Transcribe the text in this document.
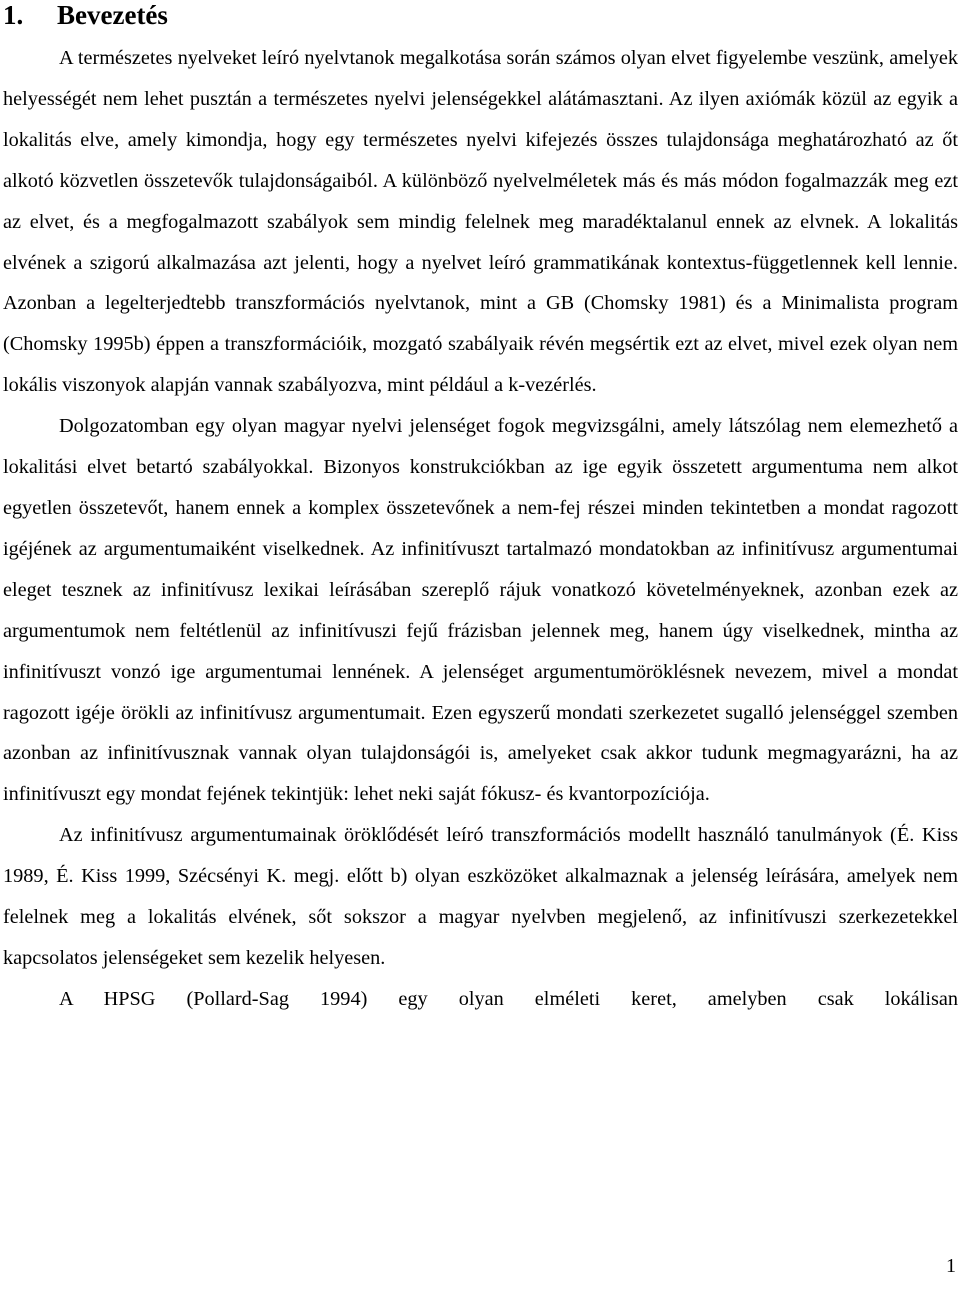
1. Bevezetés

A természetes nyelveket leíró nyelvtanok megalkotása során számos olyan elvet figyelembe veszünk, amelyek helyességét nem lehet pusztán a természetes nyelvi jelenségekkel alátámasztani. Az ilyen axiómák közül az egyik a lokalitás elve, amely kimondja, hogy egy természetes nyelvi kifejezés összes tulajdonsága meghatározható az őt alkotó közvetlen összetevők tulajdonságaiból. A különböző nyelvelméletek más és más módon fogalmazzák meg ezt az elvet, és a megfogalmazott szabályok sem mindig felelnek meg maradéktalanul ennek az elvnek. A lokalitás elvének a szigorú alkalmazása azt jelenti, hogy a nyelvet leíró grammatikának kontextus-függetlennek kell lennie. Azonban a legelterjedtebb transzformációs nyelvtanok, mint a GB (Chomsky 1981) és a Minimalista program (Chomsky 1995b) éppen a transzformációik, mozgató szabályaik révén megsértik ezt az elvet, mivel ezek olyan nem lokális viszonyok alapján vannak szabályozva, mint például a k-vezérlés.

Dolgozatomban egy olyan magyar nyelvi jelenséget fogok megvizsgálni, amely látszólag nem elemezhető a lokalitási elvet betartó szabályokkal. Bizonyos konstrukciókban az ige egyik összetett argumentuma nem alkot egyetlen összetevőt, hanem ennek a komplex összetevőnek a nem-fej részei minden tekintetben a mondat ragozott igéjének az argumentumaiként viselkednek. Az infinitívuszt tartalmazó mondatokban az infinitívusz argumentumai eleget tesznek az infinitívusz lexikai leírásában szereplő rájuk vonatkozó követelményeknek, azonban ezek az argumentumok nem feltétlenül az infinitívuszi fejű frázisban jelennek meg, hanem úgy viselkednek, mintha az infinitívuszt vonzó ige argumentumai lennének. A jelenséget argumentumöröklésnek nevezem, mivel a mondat ragozott igéje örökli az infinitívusz argumentumait. Ezen egyszerű mondati szerkezetet sugalló jelenséggel szemben azonban az infinitívusznak vannak olyan tulajdonságói is, amelyeket csak akkor tudunk megmagyarázni, ha az infinitívuszt egy mondat fejének tekintjük: lehet neki saját fókusz- és kvantorpozíciója.

Az infinitívusz argumentumainak öröklődését leíró transzformációs modellt használó tanulmányok (É. Kiss 1989, É. Kiss 1999, Szécsényi K. megj. előtt b) olyan eszközöket alkalmaznak a jelenség leírására, amelyek nem felelnek meg a lokalitás elvének, sőt sokszor a magyar nyelvben megjelenő, az infinitívuszi szerkezetekkel kapcsolatos jelenségeket sem kezelik helyesen.

A HPSG (Pollard-Sag 1994) egy olyan elméleti keret, amelyben csak lokálisan

1
